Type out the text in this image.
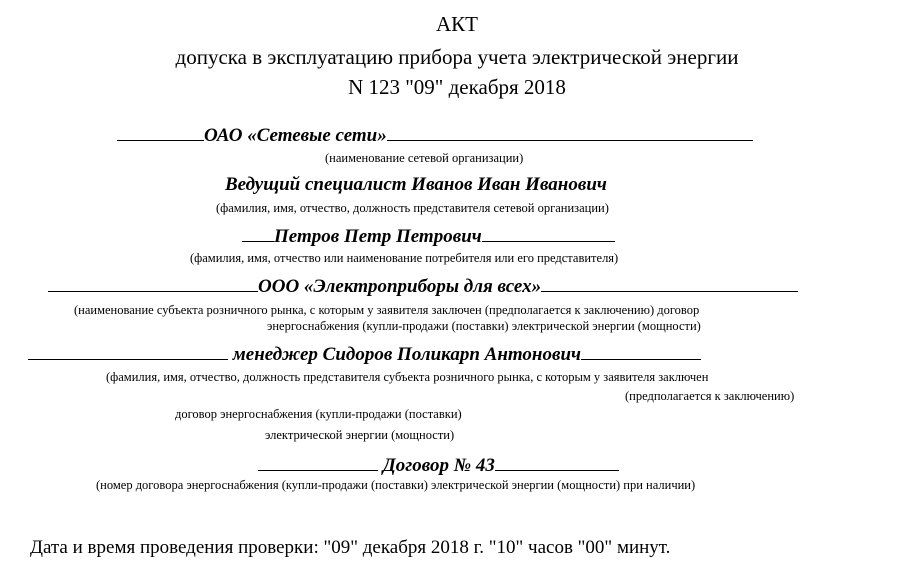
АКТ
допуска в эксплуатацию прибора учета электрической энергии
N 123 "09" декабря 2018
ОАО «Сетевые сети»
(наименование сетевой организации)
Ведущий специалист Иванов Иван Иванович
(фамилия, имя, отчество, должность представителя сетевой организации)
Петров Петр Петрович
(фамилия, имя, отчество или наименование потребителя или его представителя)
ООО «Электроприборы для всех»
(наименование субъекта розничного рынка, с которым у заявителя заключен (предполагается к заключению) договор
энергоснабжения (купли-продажи (поставки) электрической энергии (мощности)
менеджер Сидоров Поликарп Антонович
(фамилия, имя, отчество, должность представителя субъекта розничного рынка, с которым у заявителя заключен
(предполагается к заключению)
договор энергоснабжения (купли-продажи (поставки)
электрической энергии (мощности)
Договор № 43
(номер договора энергоснабжения (купли-продажи (поставки) электрической энергии (мощности) при наличии)
Дата и время проведения проверки: "09" декабря 2018 г. "10" часов "00" минут.
